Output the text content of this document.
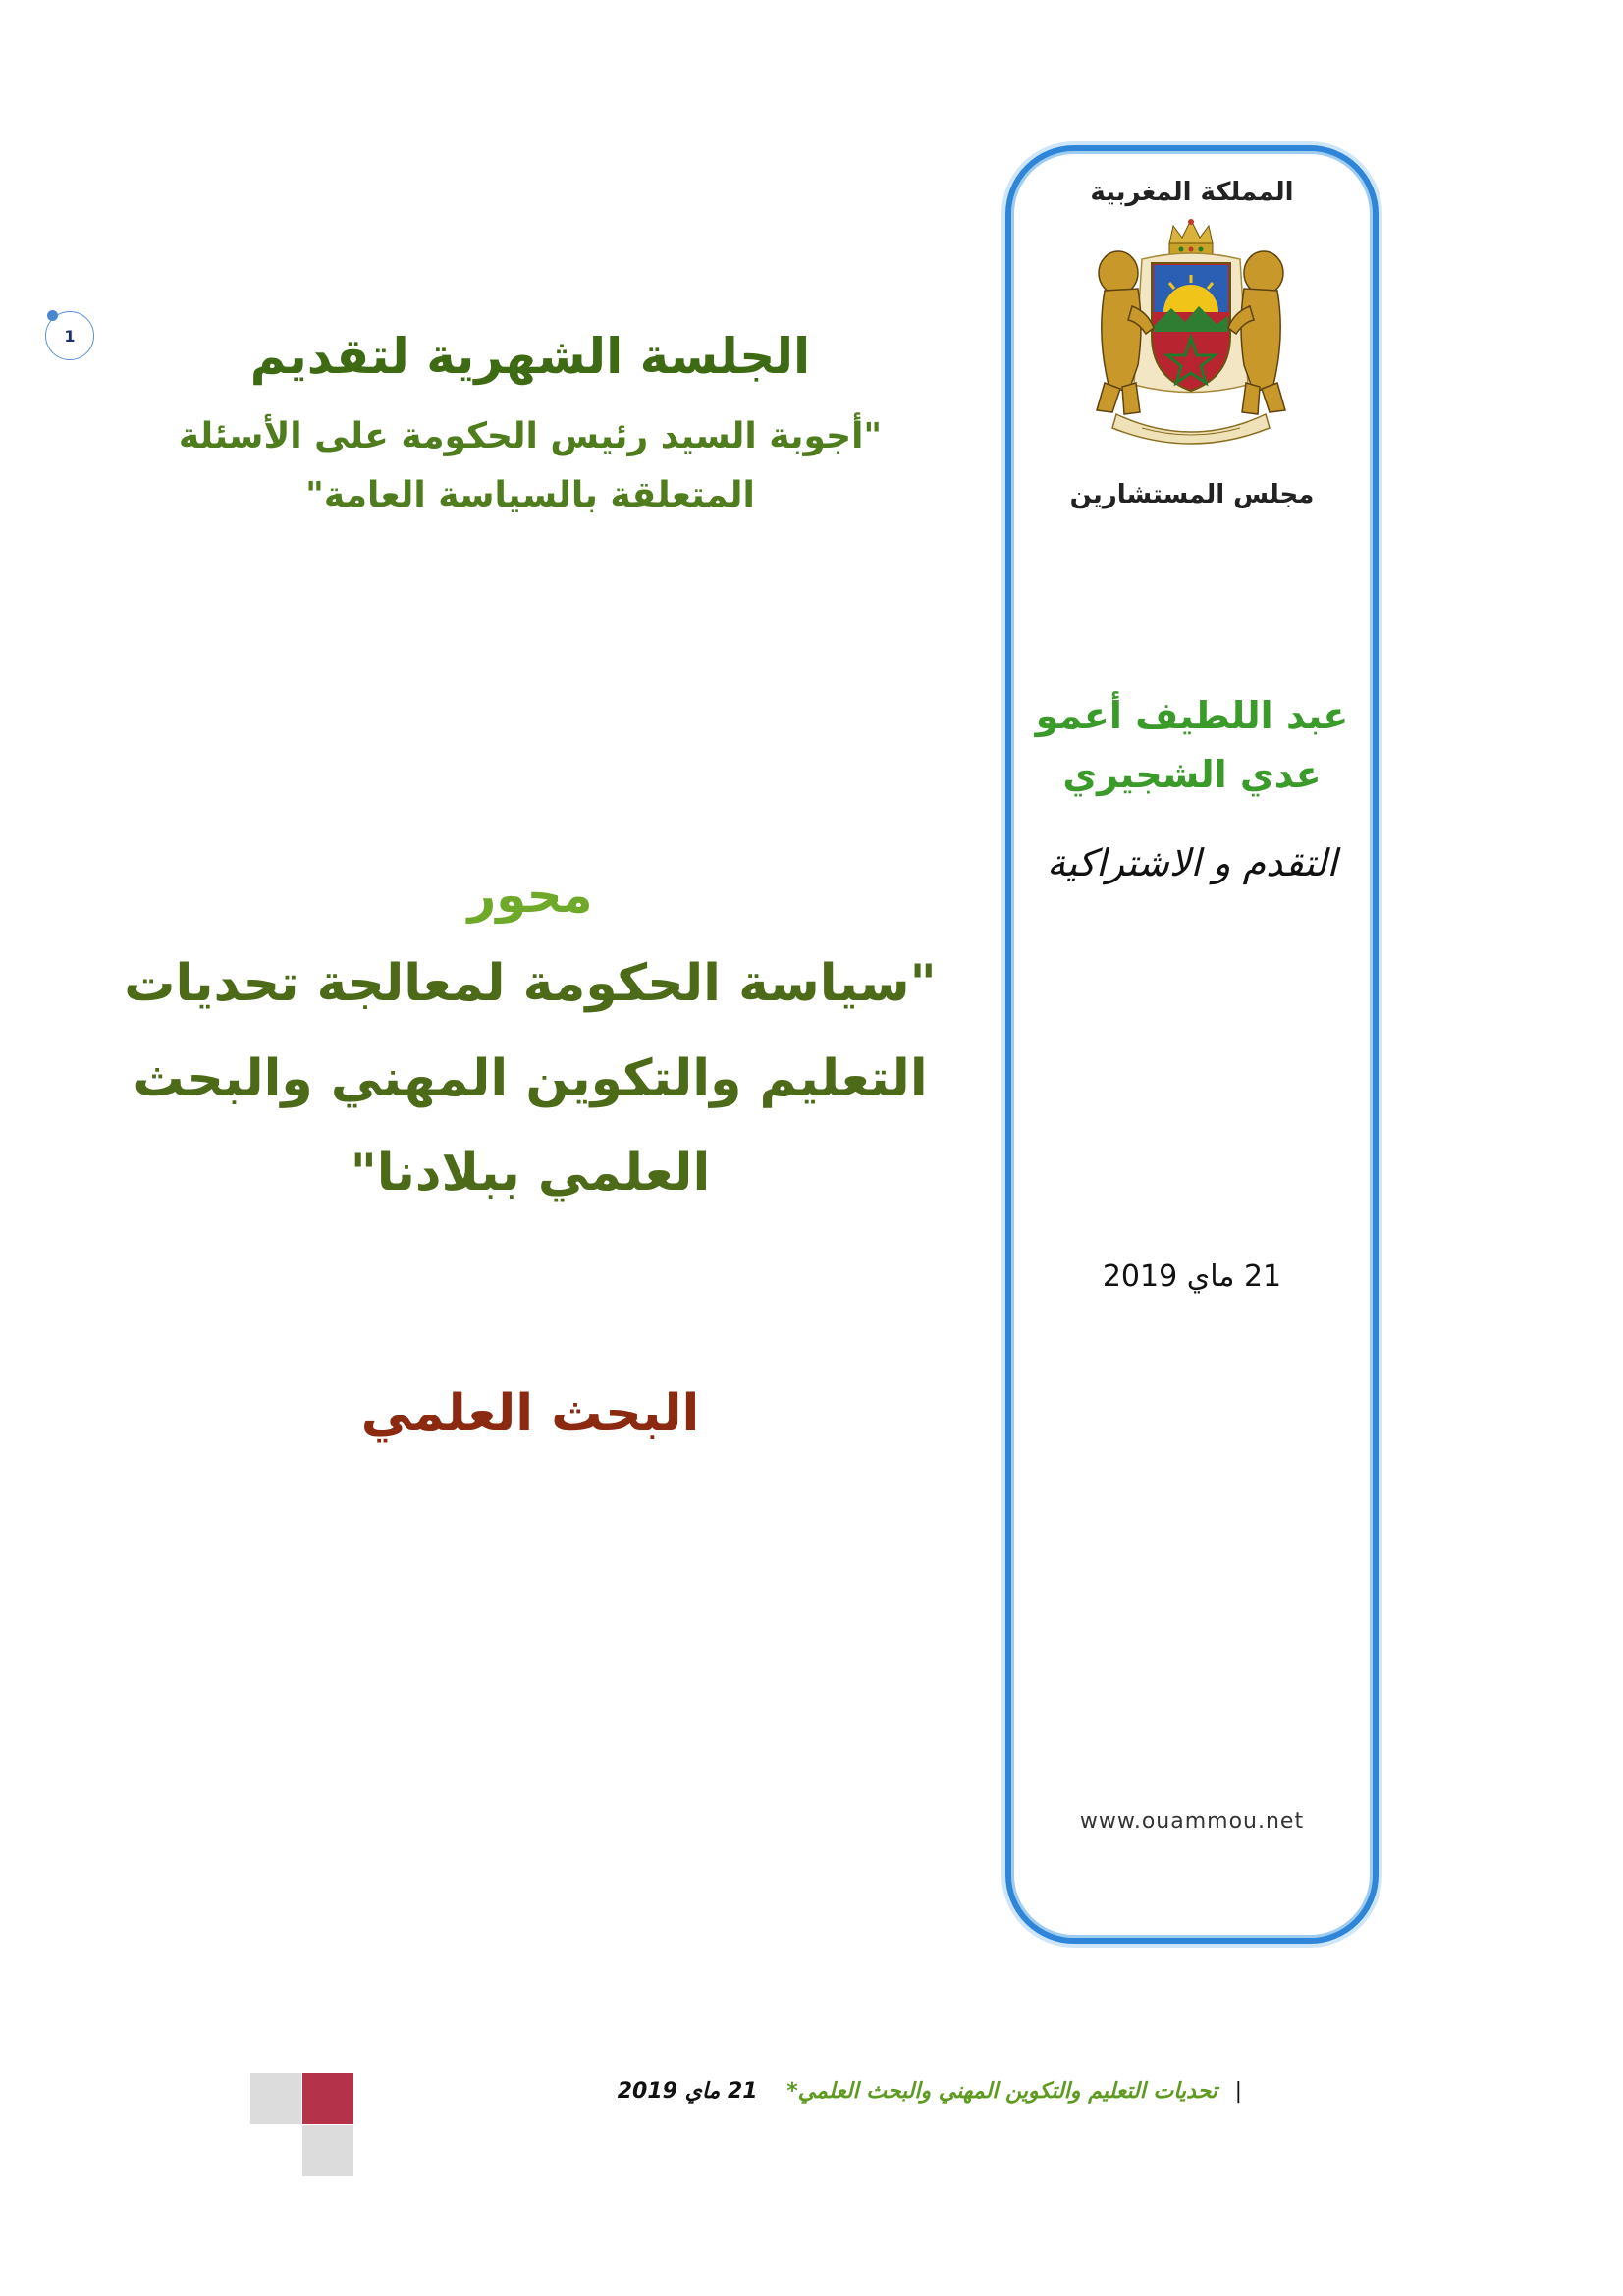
1	الجلسة الشهرية لتقديم
"أجوبة السيد رئيس الحكومة على الأسئلة
المتعلقة بالسياسة العامة"
محور
"سياسة الحكومة لمعالجة تحديات
التعليم والتكوين المهني والبحث
العلمي ببلادنا"
البحث العلمي
المملكة المغربية
مجلس المستشارين
عبد اللطيف أعمو
عدي الشجيري
التقدم و الاشتراكية
21 ماي 2019
www.ouammou.net
| تحديات التعليم والتكوين المهني والبحث العلمي* 21 ماي 2019
